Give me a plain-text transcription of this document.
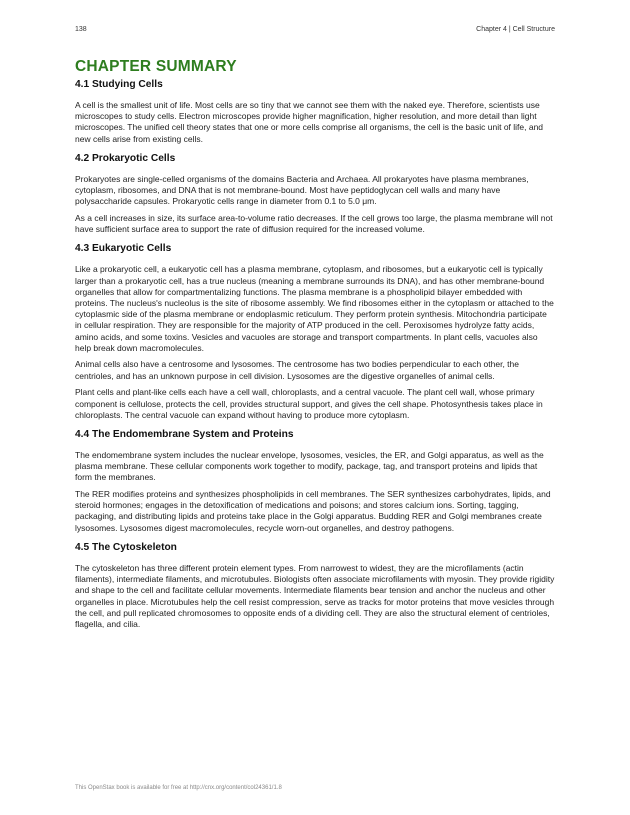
138	Chapter 4 | Cell Structure
CHAPTER SUMMARY
4.1 Studying Cells

A cell is the smallest unit of life. Most cells are so tiny that we cannot see them with the naked eye. Therefore, scientists use microscopes to study cells. Electron microscopes provide higher magnification, higher resolution, and more detail than light microscopes. The unified cell theory states that one or more cells comprise all organisms, the cell is the basic unit of life, and new cells arise from existing cells.

4.2 Prokaryotic Cells

Prokaryotes are single-celled organisms of the domains Bacteria and Archaea. All prokaryotes have plasma membranes, cytoplasm, ribosomes, and DNA that is not membrane-bound. Most have peptidoglycan cell walls and many have polysaccharide capsules. Prokaryotic cells range in diameter from 0.1 to 5.0 μm.

As a cell increases in size, its surface area-to-volume ratio decreases. If the cell grows too large, the plasma membrane will not have sufficient surface area to support the rate of diffusion required for the increased volume.

4.3 Eukaryotic Cells

Like a prokaryotic cell, a eukaryotic cell has a plasma membrane, cytoplasm, and ribosomes, but a eukaryotic cell is typically larger than a prokaryotic cell, has a true nucleus (meaning a membrane surrounds its DNA), and has other membrane-bound organelles that allow for compartmentalizing functions. The plasma membrane is a phospholipid bilayer embedded with proteins. The nucleus's nucleolus is the site of ribosome assembly. We find ribosomes either in the cytoplasm or attached to the cytoplasmic side of the plasma membrane or endoplasmic reticulum. They perform protein synthesis. Mitochondria participate in cellular respiration. They are responsible for the majority of ATP produced in the cell. Peroxisomes hydrolyze fatty acids, amino acids, and some toxins. Vesicles and vacuoles are storage and transport compartments. In plant cells, vacuoles also help break down macromolecules.

Animal cells also have a centrosome and lysosomes. The centrosome has two bodies perpendicular to each other, the centrioles, and has an unknown purpose in cell division. Lysosomes are the digestive organelles of animal cells.

Plant cells and plant-like cells each have a cell wall, chloroplasts, and a central vacuole. The plant cell wall, whose primary component is cellulose, protects the cell, provides structural support, and gives the cell shape. Photosynthesis takes place in chloroplasts. The central vacuole can expand without having to produce more cytoplasm.

4.4 The Endomembrane System and Proteins

The endomembrane system includes the nuclear envelope, lysosomes, vesicles, the ER, and Golgi apparatus, as well as the plasma membrane. These cellular components work together to modify, package, tag, and transport proteins and lipids that form the membranes.

The RER modifies proteins and synthesizes phospholipids in cell membranes. The SER synthesizes carbohydrates, lipids, and steroid hormones; engages in the detoxification of medications and poisons; and stores calcium ions. Sorting, tagging, packaging, and distributing lipids and proteins take place in the Golgi apparatus. Budding RER and Golgi membranes create lysosomes. Lysosomes digest macromolecules, recycle worn-out organelles, and destroy pathogens.

4.5 The Cytoskeleton

The cytoskeleton has three different protein element types. From narrowest to widest, they are the microfilaments (actin filaments), intermediate filaments, and microtubules. Biologists often associate microfilaments with myosin. They provide rigidity and shape to the cell and facilitate cellular movements. Intermediate filaments bear tension and anchor the nucleus and other organelles in place. Microtubules help the cell resist compression, serve as tracks for motor proteins that move vesicles through the cell, and pull replicated chromosomes to opposite ends of a dividing cell. They are also the structural element of centrioles, flagella, and cilia.

This OpenStax book is available for free at http://cnx.org/content/col24361/1.8
